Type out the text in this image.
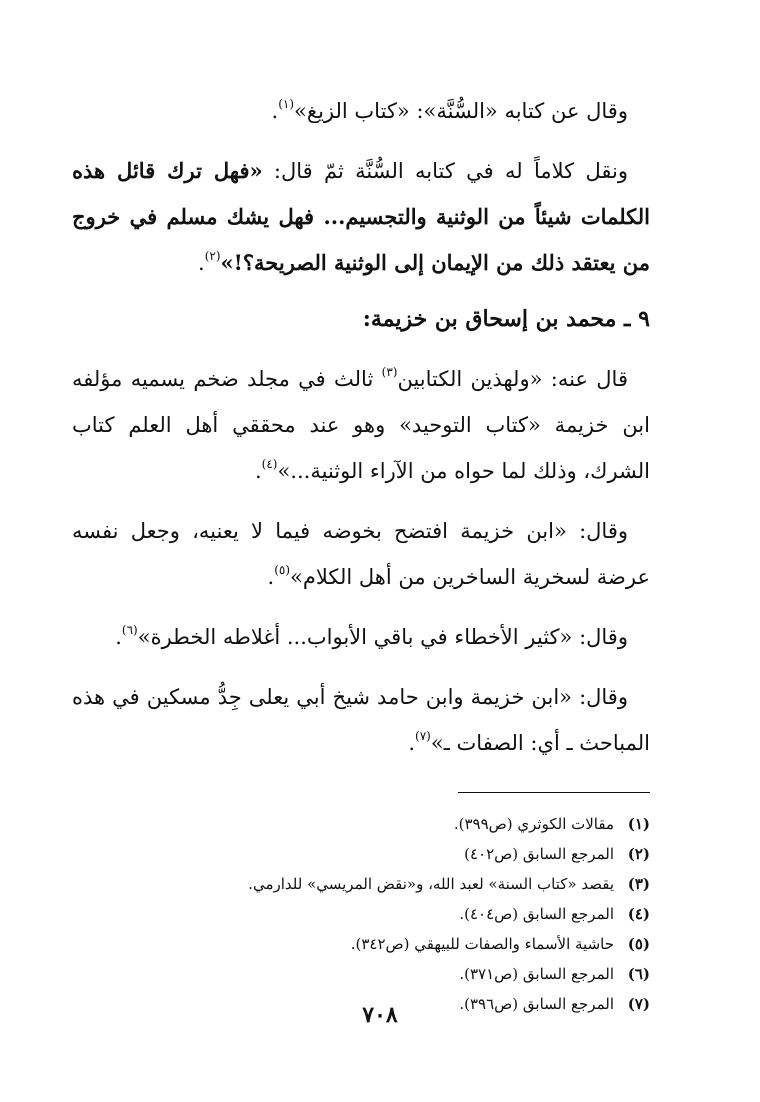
وقال عن كتابه «السُّنَّة»: «كتاب الزيغ»$^{(١)}$.

ونقل كلاماً له في كتابه السُّنَّة ثمّ قال: «فهل ترك قائل هذه الكلمات شيئاً من الوثنية والتجسيم... فهل يشك مسلم في خروج من يعتقد ذلك من الإيمان إلى الوثنية الصريحة؟!»$^{(٢)}$.

٩ ـ محمد بن إسحاق بن خزيمة:

قال عنه: «ولهذين الكتابين$^{(٣)}$ ثالث في مجلد ضخم يسميه مؤلفه ابن خزيمة «كتاب التوحيد» وهو عند محققي أهل العلم كتاب الشرك، وذلك لما حواه من الآراء الوثنية...»$^{(٤)}$.

وقال: «ابن خزيمة افتضح بخوضه فيما لا يعنيه، وجعل نفسه عرضة لسخرية الساخرين من أهل الكلام»$^{(٥)}$.

وقال: «كثير الأخطاء في باقي الأبواب... أغلاطه الخطرة»$^{(٦)}$.

وقال: «ابن خزيمة وابن حامد شيخ أبي يعلى جِدُّ مسكين في هذه المباحث ـ أي: الصفات ـ»$^{(٧)}$.

(١)
مقالات الكوثري (ص٣٩٩).
(٢)
المرجع السابق (ص٤٠٢)
(٣)
يقصد «كتاب السنة» لعبد الله، و«نقض المريسي» للدارمي.
(٤)
المرجع السابق (ص٤٠٤).
(٥)
حاشية الأسماء والصفات للبيهقي (ص٣٤٢).
(٦)
المرجع السابق (ص٣٧١).
(٧)
المرجع السابق (ص٣٩٦).
٧٠٨
